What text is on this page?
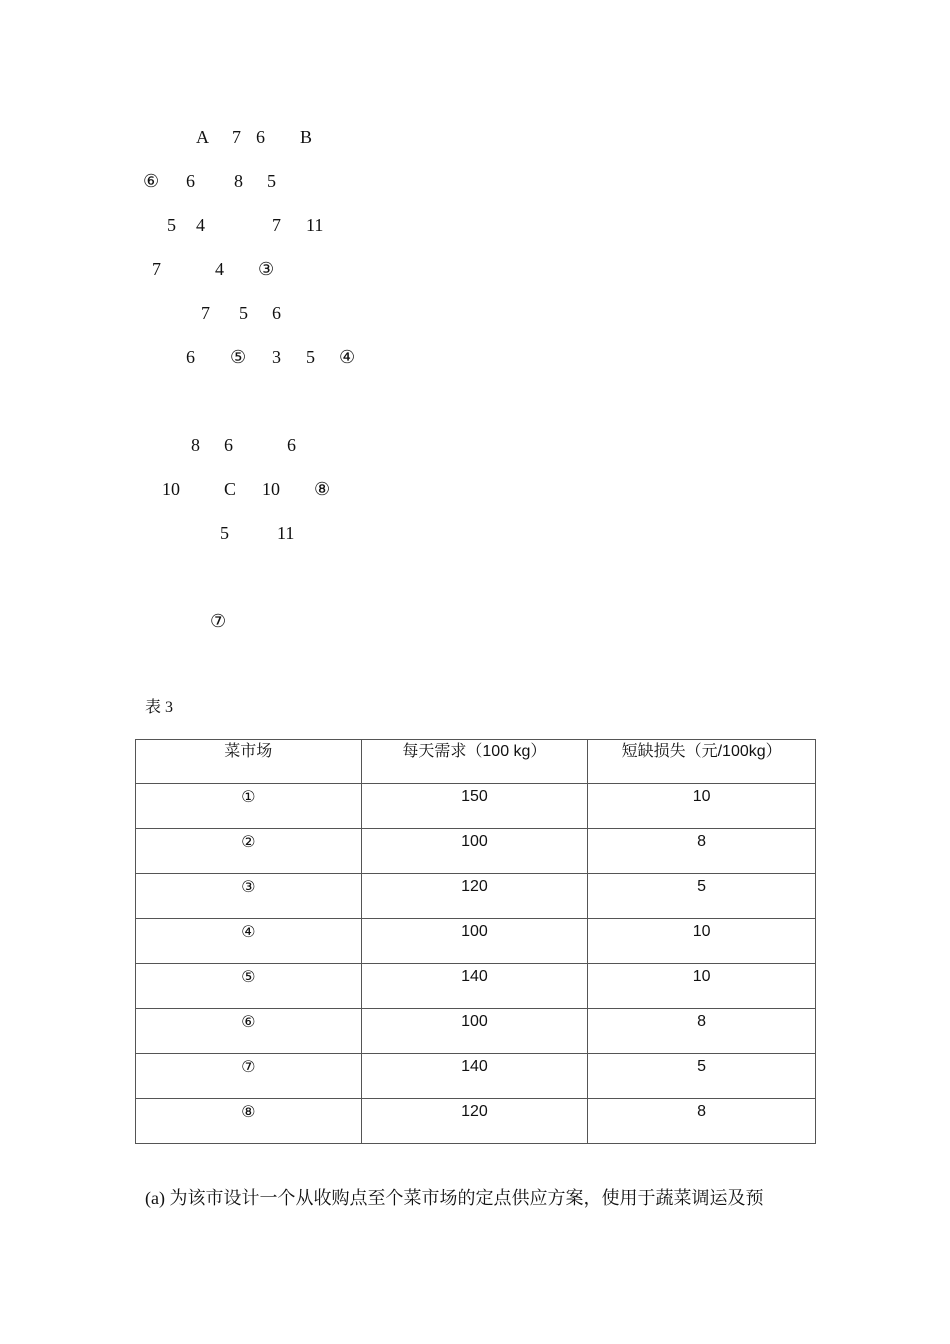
A 7 6 B
⑥ 6 8 5
5 4	7 11
7	4 ③
7 5 6
6 ⑤ 3 5 ④
8 6	6
10 C 10 ⑧
5	11
⑦
表 3
菜市场	每天需求（100 kg）	短缺损失（元/100kg）
①	150	10
②	100	8
③	120	5
④	100	10
⑤	140	10
⑥	100	8
⑦	140	5
⑧	120	8
(a) 为该市设计一个从收购点至个菜市场的定点供应方案，使用于蔬菜调运及预
